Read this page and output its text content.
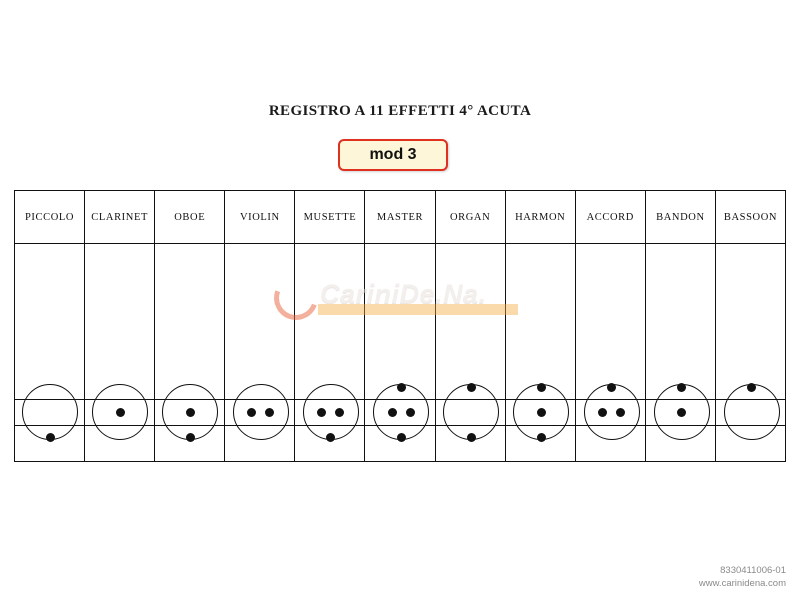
REGISTRO A 11 EFFETTI 4° ACUTA
mod 3
PICCOLO	CLARINET	OBOE	VIOLIN	MUSETTE	MASTER	ORGAN	HARMON	ACCORD	BANDON	BASSOON
CariniDe.Na.
8330411006-01
www.carinidena.com
